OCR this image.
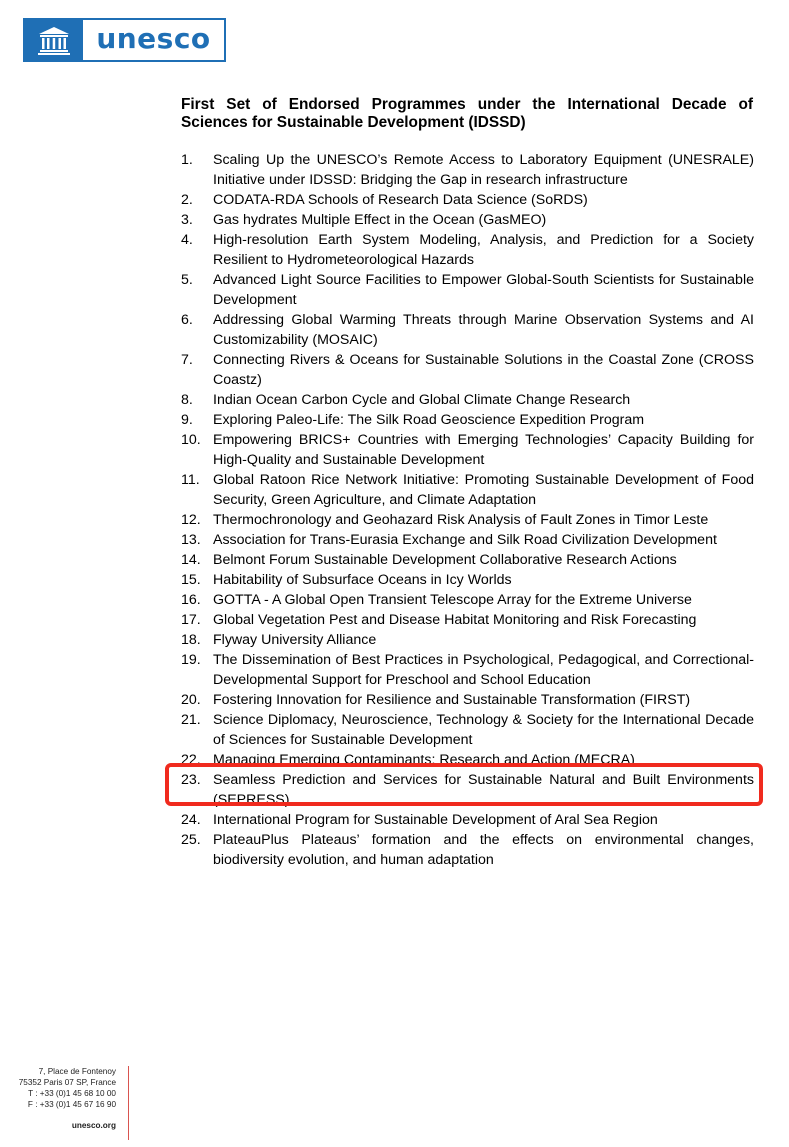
unesco
First Set of Endorsed Programmes under the International Decade of Sciences for Sustainable Development (IDSSD)
1.	Scaling Up the UNESCO’s Remote Access to Laboratory Equipment (UNESRALE) Initiative under IDSSD: Bridging the Gap in research infrastructure
2.	CODATA-RDA Schools of Research Data Science (SoRDS)
3.	Gas hydrates Multiple Effect in the Ocean (GasMEO)
4.	High-resolution Earth System Modeling, Analysis, and Prediction for a Society Resilient to Hydrometeorological Hazards
5.	Advanced Light Source Facilities to Empower Global-South Scientists for Sustainable Development
6.	Addressing Global Warming Threats through Marine Observation Systems and AI Customizability (MOSAIC)
7.	Connecting Rivers & Oceans for Sustainable Solutions in the Coastal Zone (CROSS Coastz)
8.	Indian Ocean Carbon Cycle and Global Climate Change Research
9.	Exploring Paleo-Life: The Silk Road Geoscience Expedition Program
10. Empowering BRICS+ Countries with Emerging Technologies’ Capacity Building for High-Quality and Sustainable Development
11. Global Ratoon Rice Network Initiative: Promoting Sustainable Development of Food Security, Green Agriculture, and Climate Adaptation
12. Thermochronology and Geohazard Risk Analysis of Fault Zones in Timor Leste
13. Association for Trans-Eurasia Exchange and Silk Road Civilization Development
14. Belmont Forum Sustainable Development Collaborative Research Actions
15. Habitability of Subsurface Oceans in Icy Worlds
16. GOTTA - A Global Open Transient Telescope Array for the Extreme Universe
17. Global Vegetation Pest and Disease Habitat Monitoring and Risk Forecasting
18. Flyway University Alliance
19. The Dissemination of Best Practices in Psychological, Pedagogical, and Correctional-Developmental Support for Preschool and School Education
20. Fostering Innovation for Resilience and Sustainable Transformation (FIRST)
21. Science Diplomacy, Neuroscience, Technology & Society for the International Decade of Sciences for Sustainable Development
22. Managing Emerging Contaminants: Research and Action (MECRA)
23. Seamless Prediction and Services for Sustainable Natural and Built Environments (SEPRESS)
24. International Program for Sustainable Development of Aral Sea Region
25. PlateauPlus Plateaus’ formation and the effects on environmental changes, biodiversity evolution, and human adaptation
7, Place de Fontenoy
75352 Paris 07 SP, France
T : +33 (0)1 45 68 10 00
F : +33 (0)1 45 67 16 90
unesco.org
